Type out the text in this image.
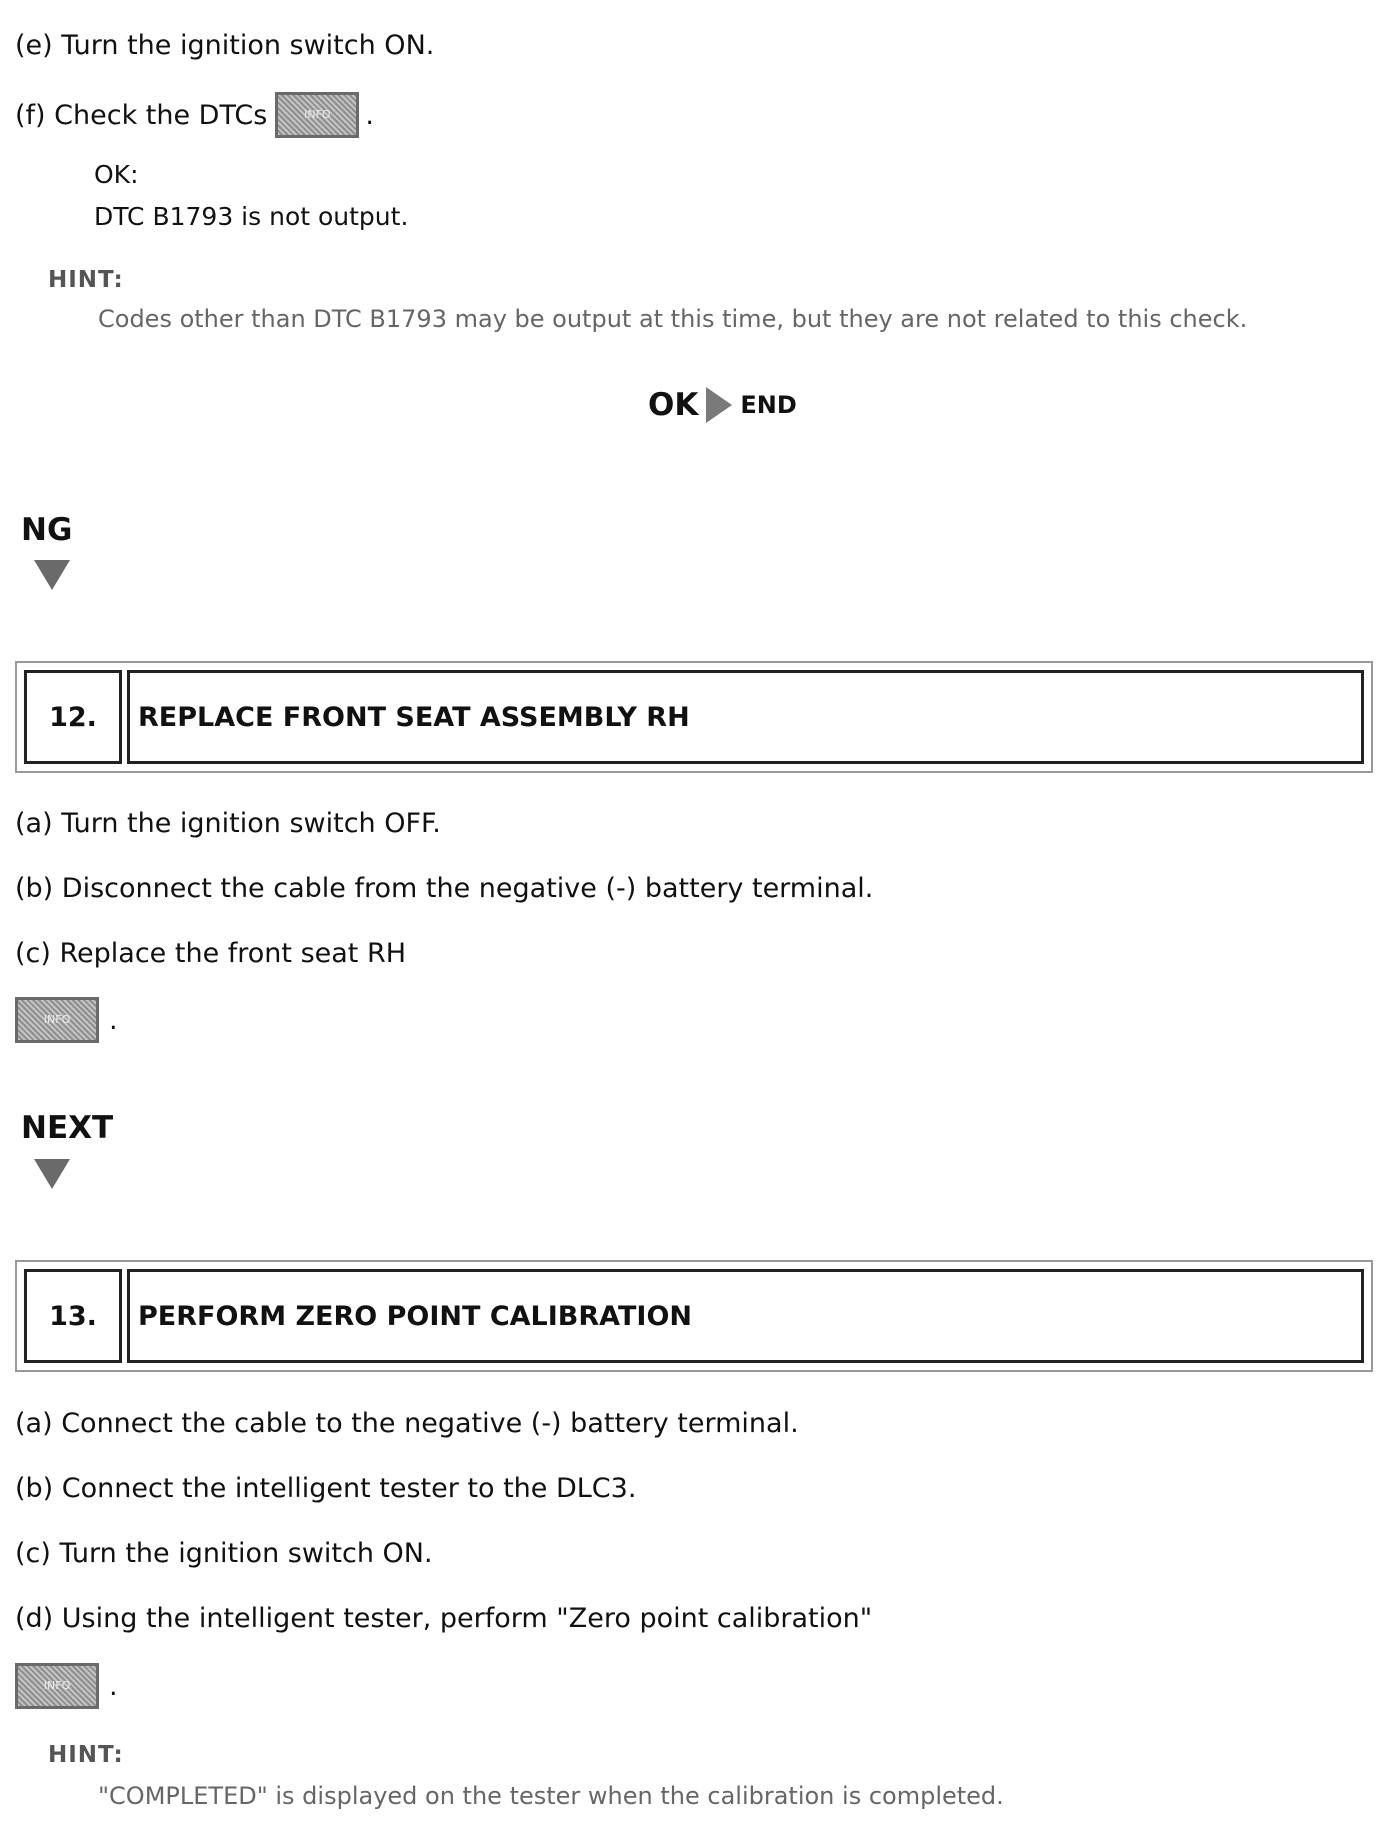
(e) Turn the ignition switch ON.
(f) Check the DTCs	INFO	.
OK:
DTC B1793 is not output.
HINT:
Codes other than DTC B1793 may be output at this time, but they are not related to this check.
OK END
NG
12.	REPLACE FRONT SEAT ASSEMBLY RH
(a) Turn the ignition switch OFF.
(b) Disconnect the cable from the negative (-) battery terminal.
(c) Replace the front seat RH
INFO	.
NEXT
13.	PERFORM ZERO POINT CALIBRATION
(a) Connect the cable to the negative (-) battery terminal.
(b) Connect the intelligent tester to the DLC3.
(c) Turn the ignition switch ON.
(d) Using the intelligent tester, perform "Zero point calibration"
INFO	.
HINT:
"COMPLETED" is displayed on the tester when the calibration is completed.
